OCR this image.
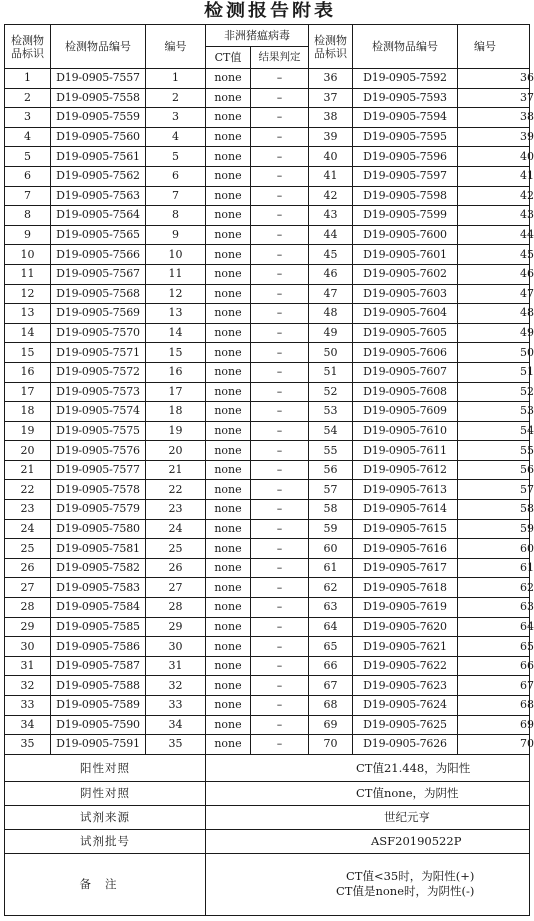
检测报告附表
检测物品标识	检测物品编号	编号	非洲猪瘟病毒		检测物品标识	检测物品编号	编号
			CT值	结果判定			
1	D19-0905-7557	1	none	–	36	D19-0905-7592	36
2	D19-0905-7558	2	none	–	37	D19-0905-7593	37
3	D19-0905-7559	3	none	–	38	D19-0905-7594	38
4	D19-0905-7560	4	none	–	39	D19-0905-7595	39
5	D19-0905-7561	5	none	–	40	D19-0905-7596	40
6	D19-0905-7562	6	none	–	41	D19-0905-7597	41
7	D19-0905-7563	7	none	–	42	D19-0905-7598	42
8	D19-0905-7564	8	none	–	43	D19-0905-7599	43
9	D19-0905-7565	9	none	–	44	D19-0905-7600	44
10	D19-0905-7566	10	none	–	45	D19-0905-7601	45
11	D19-0905-7567	11	none	–	46	D19-0905-7602	46
12	D19-0905-7568	12	none	–	47	D19-0905-7603	47
13	D19-0905-7569	13	none	–	48	D19-0905-7604	48
14	D19-0905-7570	14	none	–	49	D19-0905-7605	49
15	D19-0905-7571	15	none	–	50	D19-0905-7606	50
16	D19-0905-7572	16	none	–	51	D19-0905-7607	51
17	D19-0905-7573	17	none	–	52	D19-0905-7608	52
18	D19-0905-7574	18	none	–	53	D19-0905-7609	53
19	D19-0905-7575	19	none	–	54	D19-0905-7610	54
20	D19-0905-7576	20	none	–	55	D19-0905-7611	55
21	D19-0905-7577	21	none	–	56	D19-0905-7612	56
22	D19-0905-7578	22	none	–	57	D19-0905-7613	57
23	D19-0905-7579	23	none	–	58	D19-0905-7614	58
24	D19-0905-7580	24	none	–	59	D19-0905-7615	59
25	D19-0905-7581	25	none	–	60	D19-0905-7616	60
26	D19-0905-7582	26	none	–	61	D19-0905-7617	61
27	D19-0905-7583	27	none	–	62	D19-0905-7618	62
28	D19-0905-7584	28	none	–	63	D19-0905-7619	63
29	D19-0905-7585	29	none	–	64	D19-0905-7620	64
30	D19-0905-7586	30	none	–	65	D19-0905-7621	65
31	D19-0905-7587	31	none	–	66	D19-0905-7622	66
32	D19-0905-7588	32	none	–	67	D19-0905-7623	67
33	D19-0905-7589	33	none	–	68	D19-0905-7624	68
34	D19-0905-7590	34	none	–	69	D19-0905-7625	69
35	D19-0905-7591	35	none	–	70	D19-0905-7626	70
阳性对照			CT值21.448，为阳性				
阴性对照			CT值none，为阴性				
试剂来源			世纪元亨				
试剂批号			ASF20190522P				
备注			CT值<35时，为阳性(+)
CT值是none时，为阴性(-)				
